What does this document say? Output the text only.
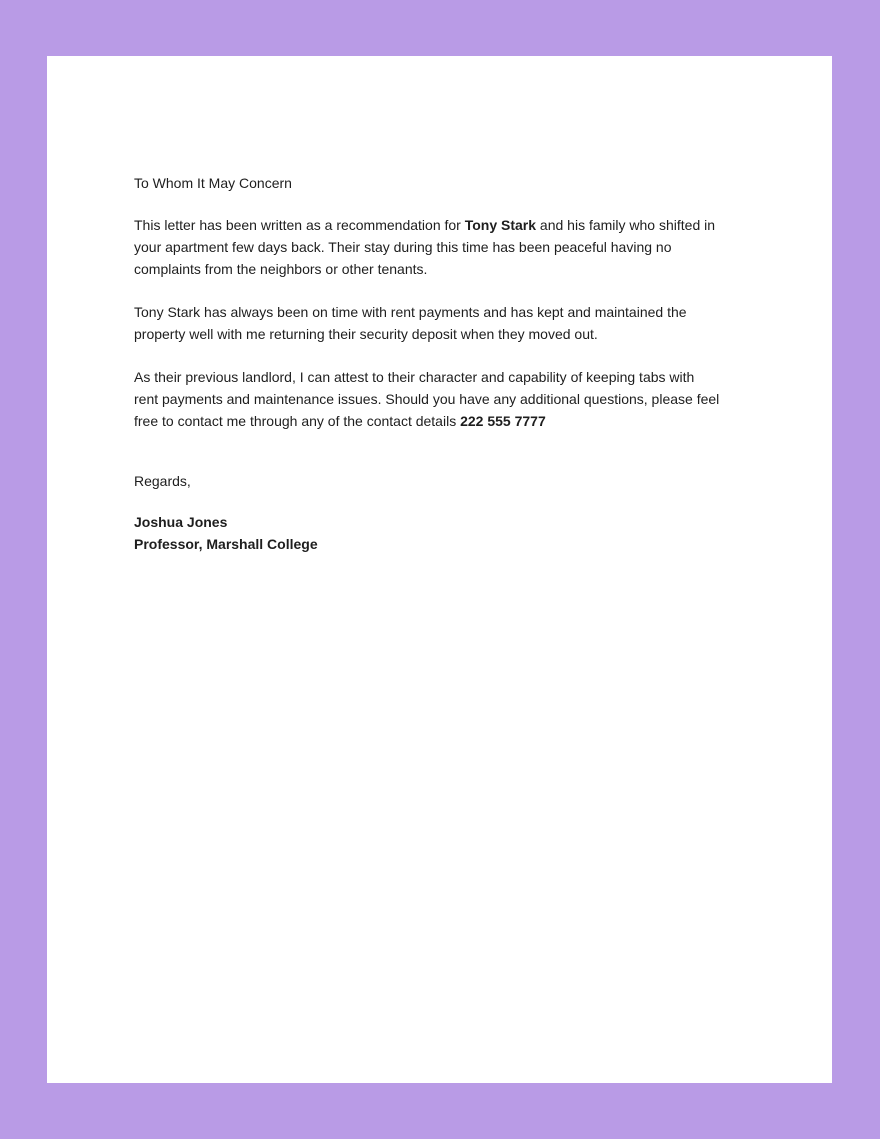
To Whom It May Concern
This letter has been written as a recommendation for Tony Stark and his family who shifted in
your apartment few days back. Their stay during this time has been peaceful having no
complaints from the neighbors or other tenants.
Tony Stark has always been on time with rent payments and has kept and maintained the
property well with me returning their security deposit when they moved out.
As their previous landlord, I can attest to their character and capability of keeping tabs with
rent payments and maintenance issues. Should you have any additional questions, please feel
free to contact me through any of the contact details 222 555 7777
Regards,
Joshua Jones
Professor, Marshall College
